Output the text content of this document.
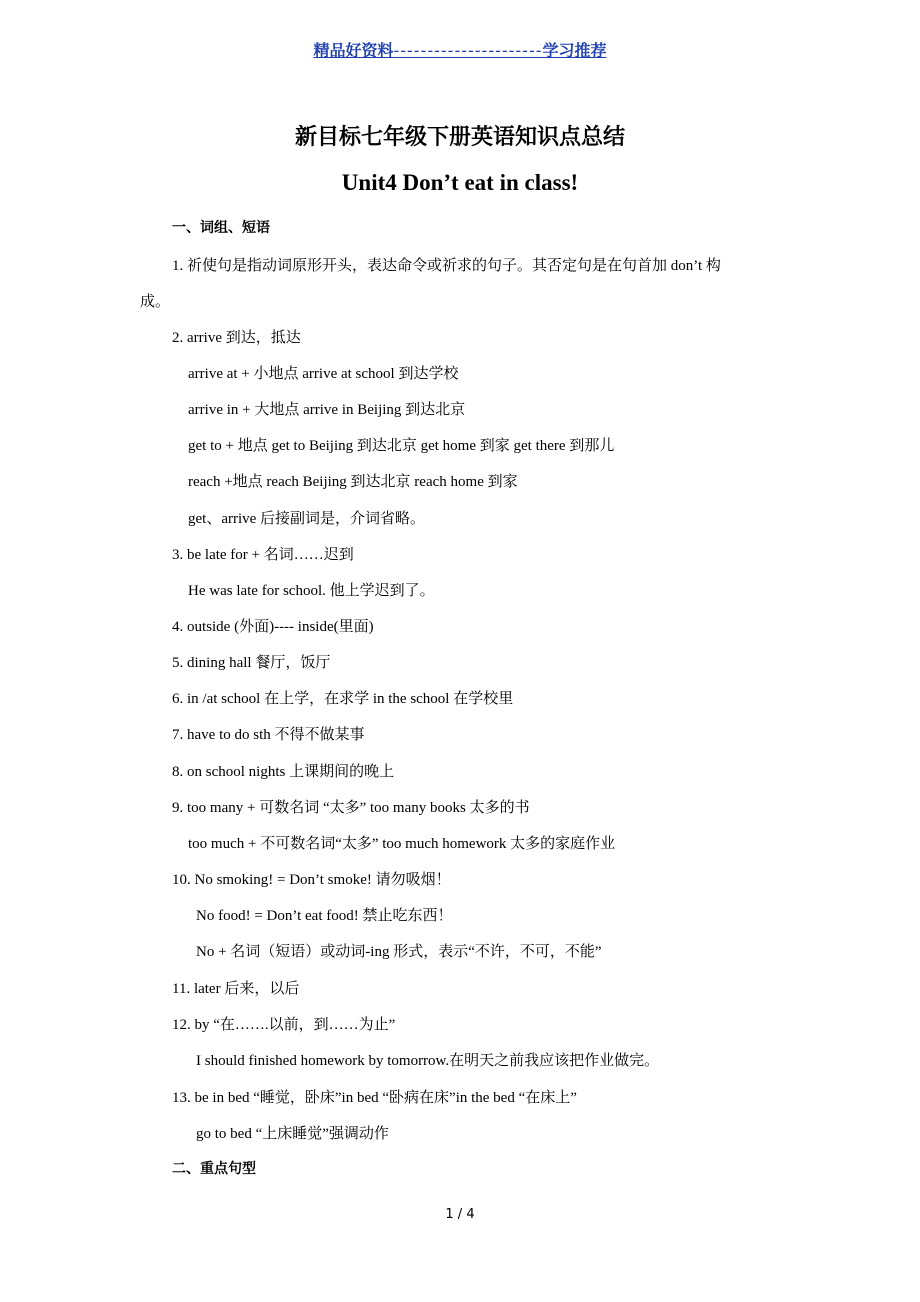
精品好资料----------------------学习推荐
新目标七年级下册英语知识点总结
Unit4 Don’t eat in class!
一、词组、短语
1. 祈使句是指动词原形开头，表达命令或祈求的句子。其否定句是在句首加 don’t 构
成。
2. arrive 到达，抵达
arrive at + 小地点 arrive at school 到达学校
arrive in + 大地点 arrive in Beijing 到达北京
get to + 地点 get to Beijing 到达北京 get home 到家 get there 到那儿
reach +地点 reach Beijing 到达北京 reach home 到家
get、arrive 后接副词是，介词省略。
3. be late for + 名词……迟到
He was late for school. 他上学迟到了。
4. outside (外面)---- inside(里面)
5. dining hall 餐厅，饭厅
6. in /at school 在上学，在求学 in the school 在学校里
7. have to do sth 不得不做某事
8. on school nights 上课期间的晚上
9. too many + 可数名词 “太多” too many books 太多的书
too much + 不可数名词“太多” too much homework 太多的家庭作业
10. No smoking! = Don’t smoke! 请勿吸烟！
No food! = Don’t eat food! 禁止吃东西！
No + 名词（短语）或动词-ing 形式，表示“不许，不可，不能”
11. later 后来，以后
12. by “在…….以前，到……为止”
I should finished homework by tomorrow.在明天之前我应该把作业做完。
13. be in bed “睡觉，卧床”in bed “卧病在床”in the bed “在床上”
go to bed “上床睡觉”强调动作
二、重点句型
1 / 4
